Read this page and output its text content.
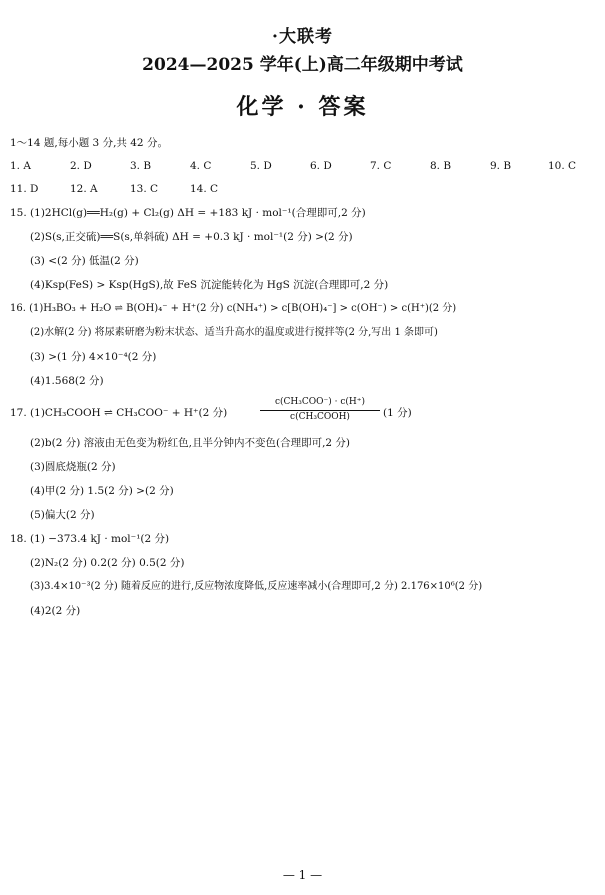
·大联考
2024—2025 学年(上)高二年级期中考试
化学 · 答案
1～14 题,每小题 3 分,共 42 分。
1. A	2. D	3. B	4. C	5. D	6. D	7. C	8. B	9. B	10. C
11. D	12. A	13. C	14. C
15. (1)2HCl(g)══H₂(g) + Cl₂(g) ΔH = +183 kJ · mol⁻¹(合理即可,2 分)
(2)S(s,正交硫)══S(s,单斜硫) ΔH = +0.3 kJ · mol⁻¹(2 分) >(2 分)
(3) <(2 分) 低温(2 分)
(4)Ksp(FeS) > Ksp(HgS),故 FeS 沉淀能转化为 HgS 沉淀(合理即可,2 分)
16. (1)H₃BO₃ + H₂O ⇌ B(OH)₄⁻ + H⁺(2 分) c(NH₄⁺) > c[B(OH)₄⁻] > c(OH⁻) > c(H⁺)(2 分)
(2)水解(2 分) 将尿素研磨为粉末状态、适当升高水的温度或进行搅拌等(2 分,写出 1 条即可)
(3) >(1 分) 4×10⁻⁴(2 分)
(4)1.568(2 分)
17. (1)CH₃COOH ⇌ CH₃COO⁻ + H⁺(2 分)
c(CH₃COO⁻) · c(H⁺)
c(CH₃COOH)	(1 分)
(2)b(2 分) 溶液由无色变为粉红色,且半分钟内不变色(合理即可,2 分)
(3)圆底烧瓶(2 分)
(4)甲(2 分) 1.5(2 分) >(2 分)
(5)偏大(2 分)
18. (1) −373.4 kJ · mol⁻¹(2 分)
(2)N₂(2 分) 0.2(2 分) 0.5(2 分)
(3)3.4×10⁻³(2 分) 随着反应的进行,反应物浓度降低,反应速率减小(合理即可,2 分) 2.176×10⁶(2 分)
(4)2(2 分)
— 1 —
